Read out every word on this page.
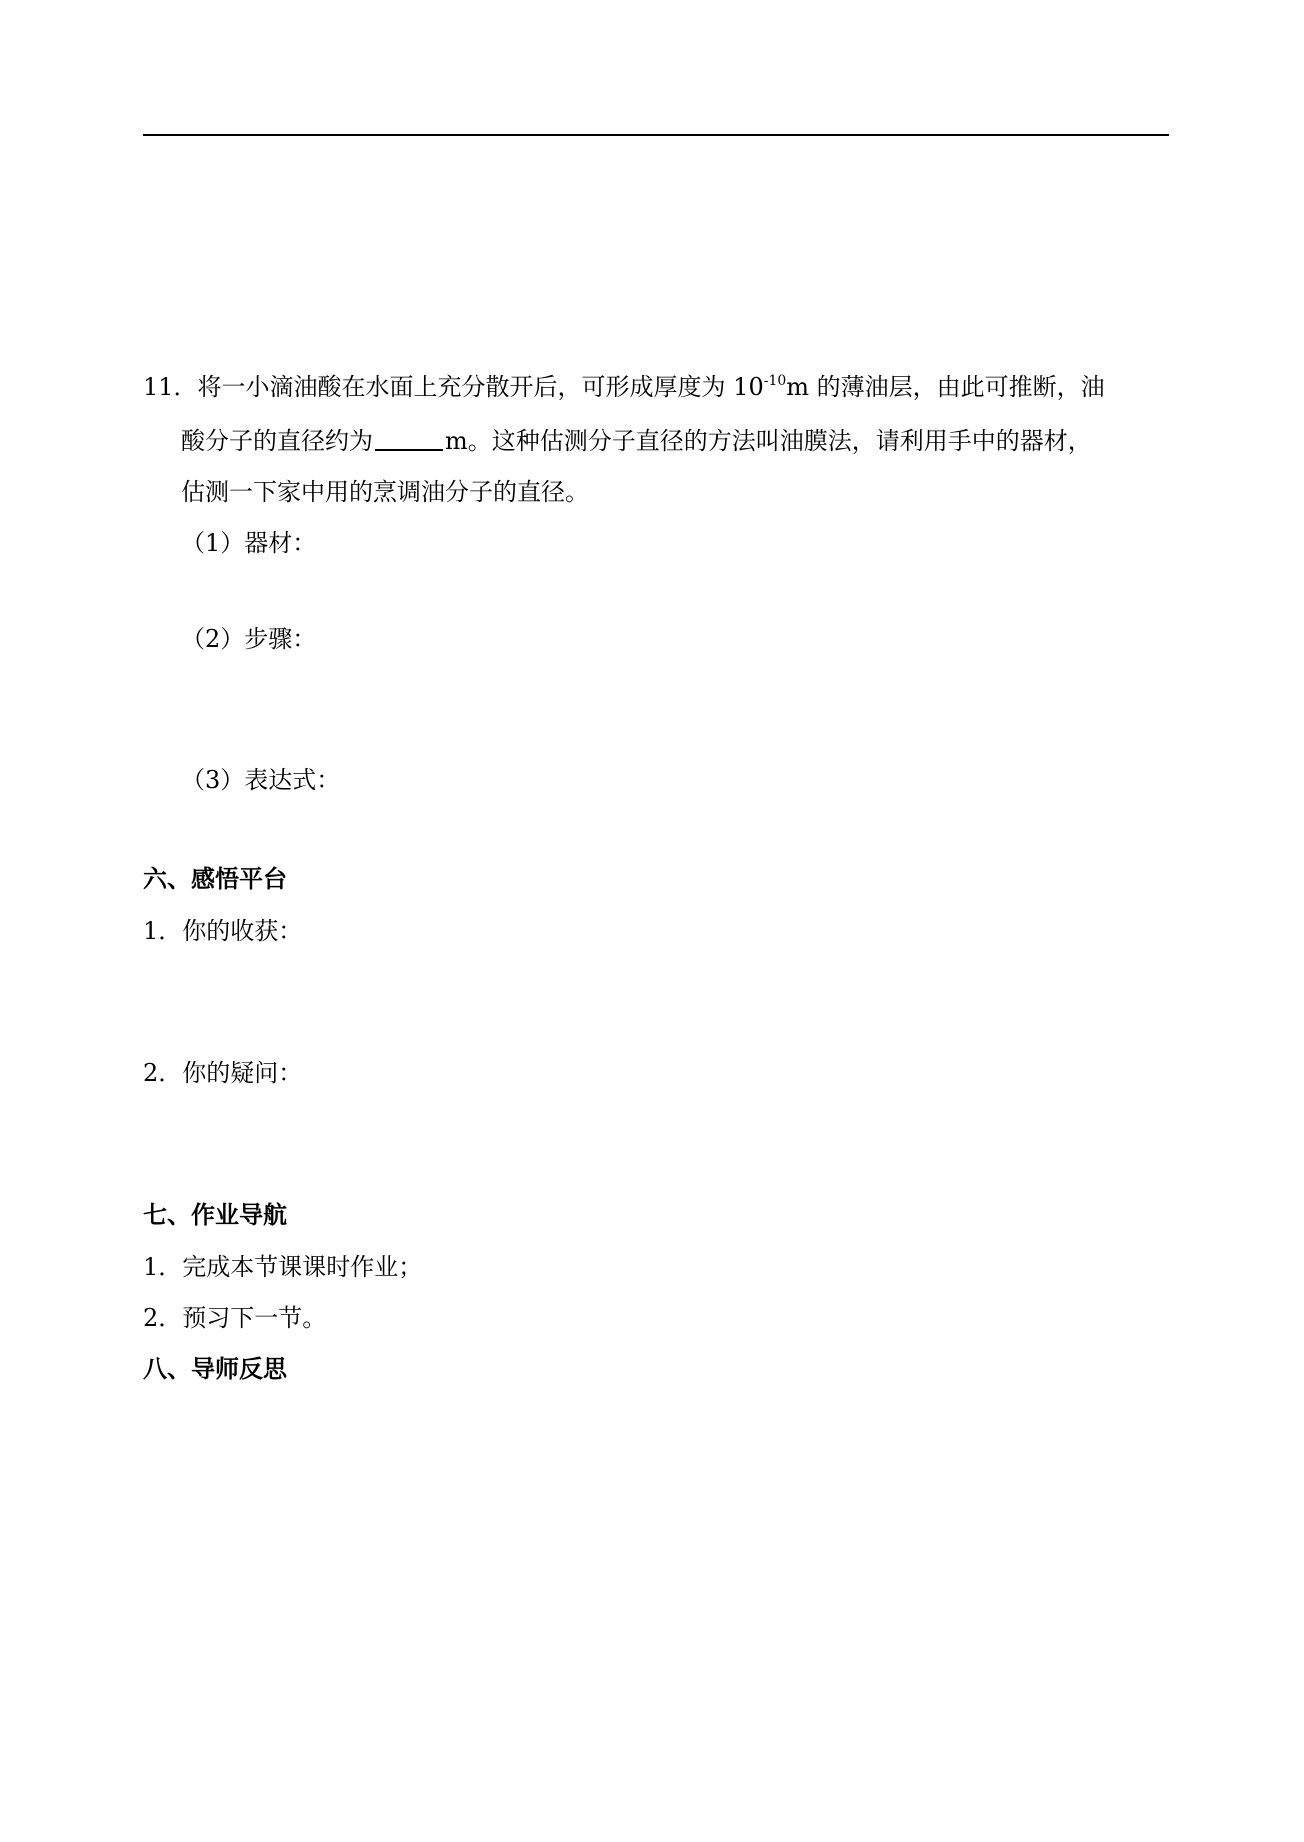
11．将一小滴油酸在水面上充分散开后，可形成厚度为 $10^{-10}m$ 的薄油层，由此可推断，油
酸分子的直径约为	m。这种估测分子直径的方法叫油膜法，请利用手中的器材，
估测一下家中用的烹调油分子的直径。
（1）器材：
（2）步骤：
（3）表达式：
六、感悟平台
1．你的收获：
2．你的疑问：
七、作业导航
1．完成本节课课时作业；
2．预习下一节。
八、导师反思
